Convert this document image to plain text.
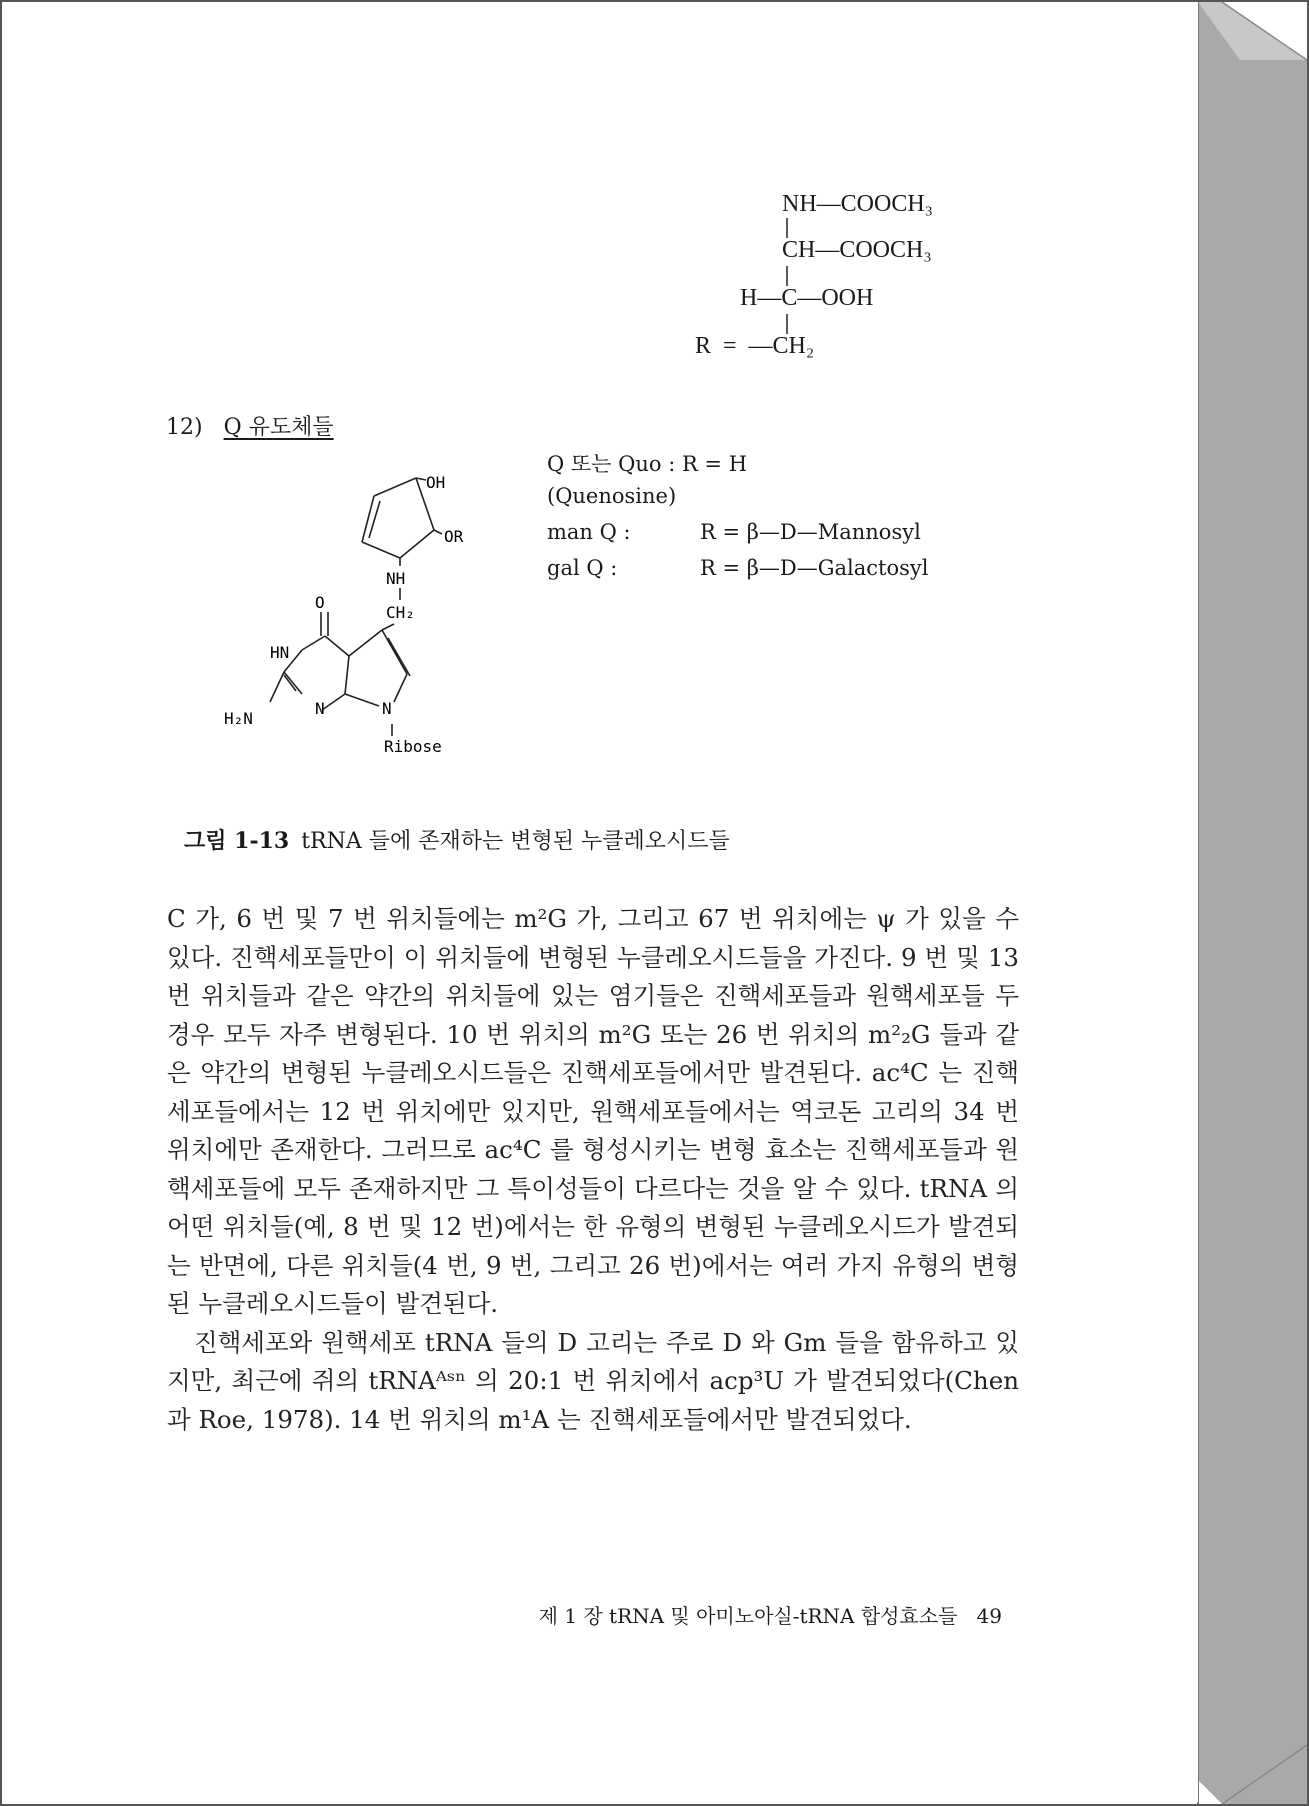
NH—COOCH₃
CH—COOCH₃
H—C—OOH
R  =  —CH₂
12) Q 유도체들
OH
OR
NH
CH₂
O
HN
H₂N
N	N
Ribose
Q 또는 Quo : R = H
(Quenosine)
man Q :	R = β—D—Mannosyl
gal Q :	R = β—D—Galactosyl
그림 1-13 tRNA 들에 존재하는 변형된 누클레오시드들

C 가, 6 번 및 7 번 위치들에는 m²G 가, 그리고 67 번 위치에는 ψ 가 있을 수 있다. 진핵세포들만이 이 위치들에 변형된 누클레오시드들을 가진다. 9 번 및 13 번 위치들과 같은 약간의 위치들에 있는 염기들은 진핵세포들과 원핵세포들 두 경우 모두 자주 변형된다. 10 번 위치의 m²G 또는 26 번 위치의 m²₂G 들과 같은 약간의 변형된 누클레오시드들은 진핵세포들에서만 발견된다. ac⁴C 는 진핵세포들에서는 12 번 위치에만 있지만, 원핵세포들에서는 역코돈 고리의 34 번 위치에만 존재한다. 그러므로 ac⁴C 를 형성시키는 변형 효소는 진핵세포들과 원핵세포들에 모두 존재하지만 그 특이성들이 다르다는 것을 알 수 있다. tRNA 의 어떤 위치들(예, 8 번 및 12 번)에서는 한 유형의 변형된 누클레오시드가 발견되는 반면에, 다른 위치들(4 번, 9 번, 그리고 26 번)에서는 여러 가지 유형의 변형된 누클레오시드들이 발견된다.

진핵세포와 원핵세포 tRNA 들의 D 고리는 주로 D 와 Gm 들을 함유하고 있지만, 최근에 쥐의 tRNAᴬˢⁿ 의 20:1 번 위치에서 acp³U 가 발견되었다(Chen 과 Roe, 1978). 14 번 위치의 m¹A 는 진핵세포들에서만 발견되었다.

제 1 장 tRNA 및 아미노아실-tRNA 합성효소들 49
